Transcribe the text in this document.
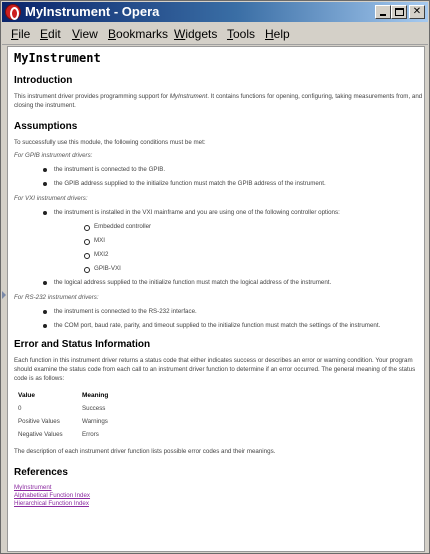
MyInstrument - Opera	✕
File Edit View Bookmarks Widgets Tools Help
MyInstrument
Introduction

This instrument driver provides programming support for MyInstrument. It contains functions for opening, configuring, taking measurements from, and closing the instrument.

Assumptions

To successfully use this module, the following conditions must be met:

For GPIB instrument drivers:
the instrument is connected to the GPIB.
the GPIB address supplied to the initialize function must match the GPIB address of the instrument.
For VXI instrument drivers:
the instrument is installed in the VXI mainframe and you are using one of the following controller options:
Embedded controller
MXI
MXI2
GPIB-VXI
the logical address supplied to the initialize function must match the logical address of the instrument.
For RS-232 instrument drivers:
the instrument is connected to the RS-232 interface.
the COM port, baud rate, parity, and timeout supplied to the initialize function must match the settings of the instrument.
Error and Status Information

Each function in this instrument driver returns a status code that either indicates success or describes an error or warning condition. Your program should examine the status code from each call to an instrument driver function to determine if an error occurred. The general meaning of the status code is as follows:

Value	Meaning
0	Success
Positive Values	Warnings
Negative Values	Errors

The description of each instrument driver function lists possible error codes and their meanings.

References
MyInstrument
Alphabetical Function Index
Hierarchical Function Index
